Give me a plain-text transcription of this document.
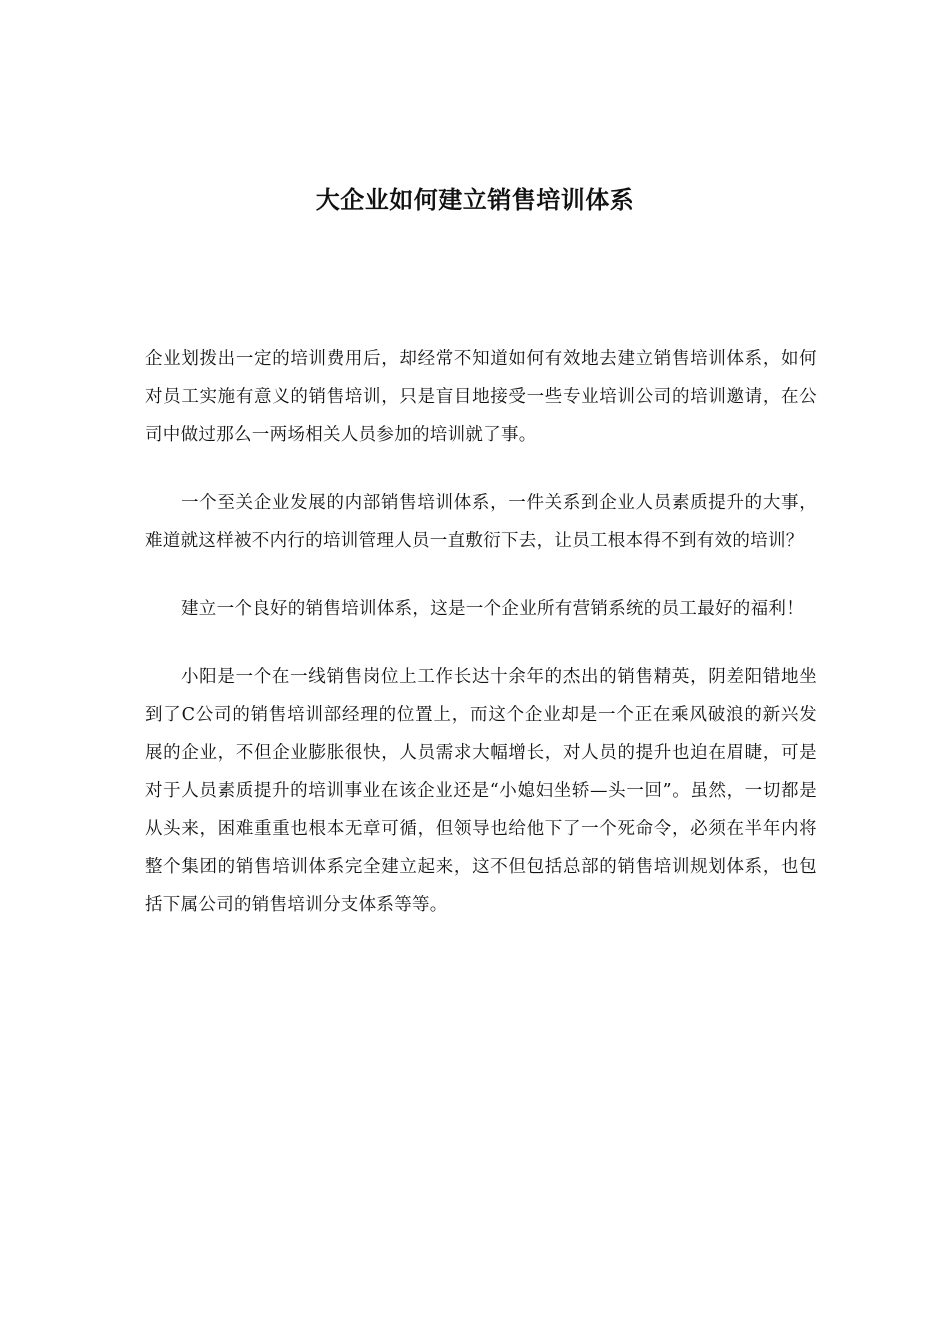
大企业如何建立销售培训体系

企业划拨出一定的培训费用后，却经常不知道如何有效地去建立销售培训体系，如何对员工实施有意义的销售培训，只是盲目地接受一些专业培训公司的培训邀请，在公司中做过那么一两场相关人员参加的培训就了事。

一个至关企业发展的内部销售培训体系，一件关系到企业人员素质提升的大事，难道就这样被不内行的培训管理人员一直敷衍下去，让员工根本得不到有效的培训？

建立一个良好的销售培训体系，这是一个企业所有营销系统的员工最好的福利！

小阳是一个在一线销售岗位上工作长达十余年的杰出的销售精英，阴差阳错地坐到了C公司的销售培训部经理的位置上，而这个企业却是一个正在乘风破浪的新兴发展的企业，不但企业膨胀很快，人员需求大幅增长，对人员的提升也迫在眉睫，可是对于人员素质提升的培训事业在该企业还是“小媳妇坐轿—头一回”。虽然，一切都是从头来，困难重重也根本无章可循，但领导也给他下了一个死命令，必须在半年内将整个集团的销售培训体系完全建立起来，这不但包括总部的销售培训规划体系，也包括下属公司的销售培训分支体系等等。
